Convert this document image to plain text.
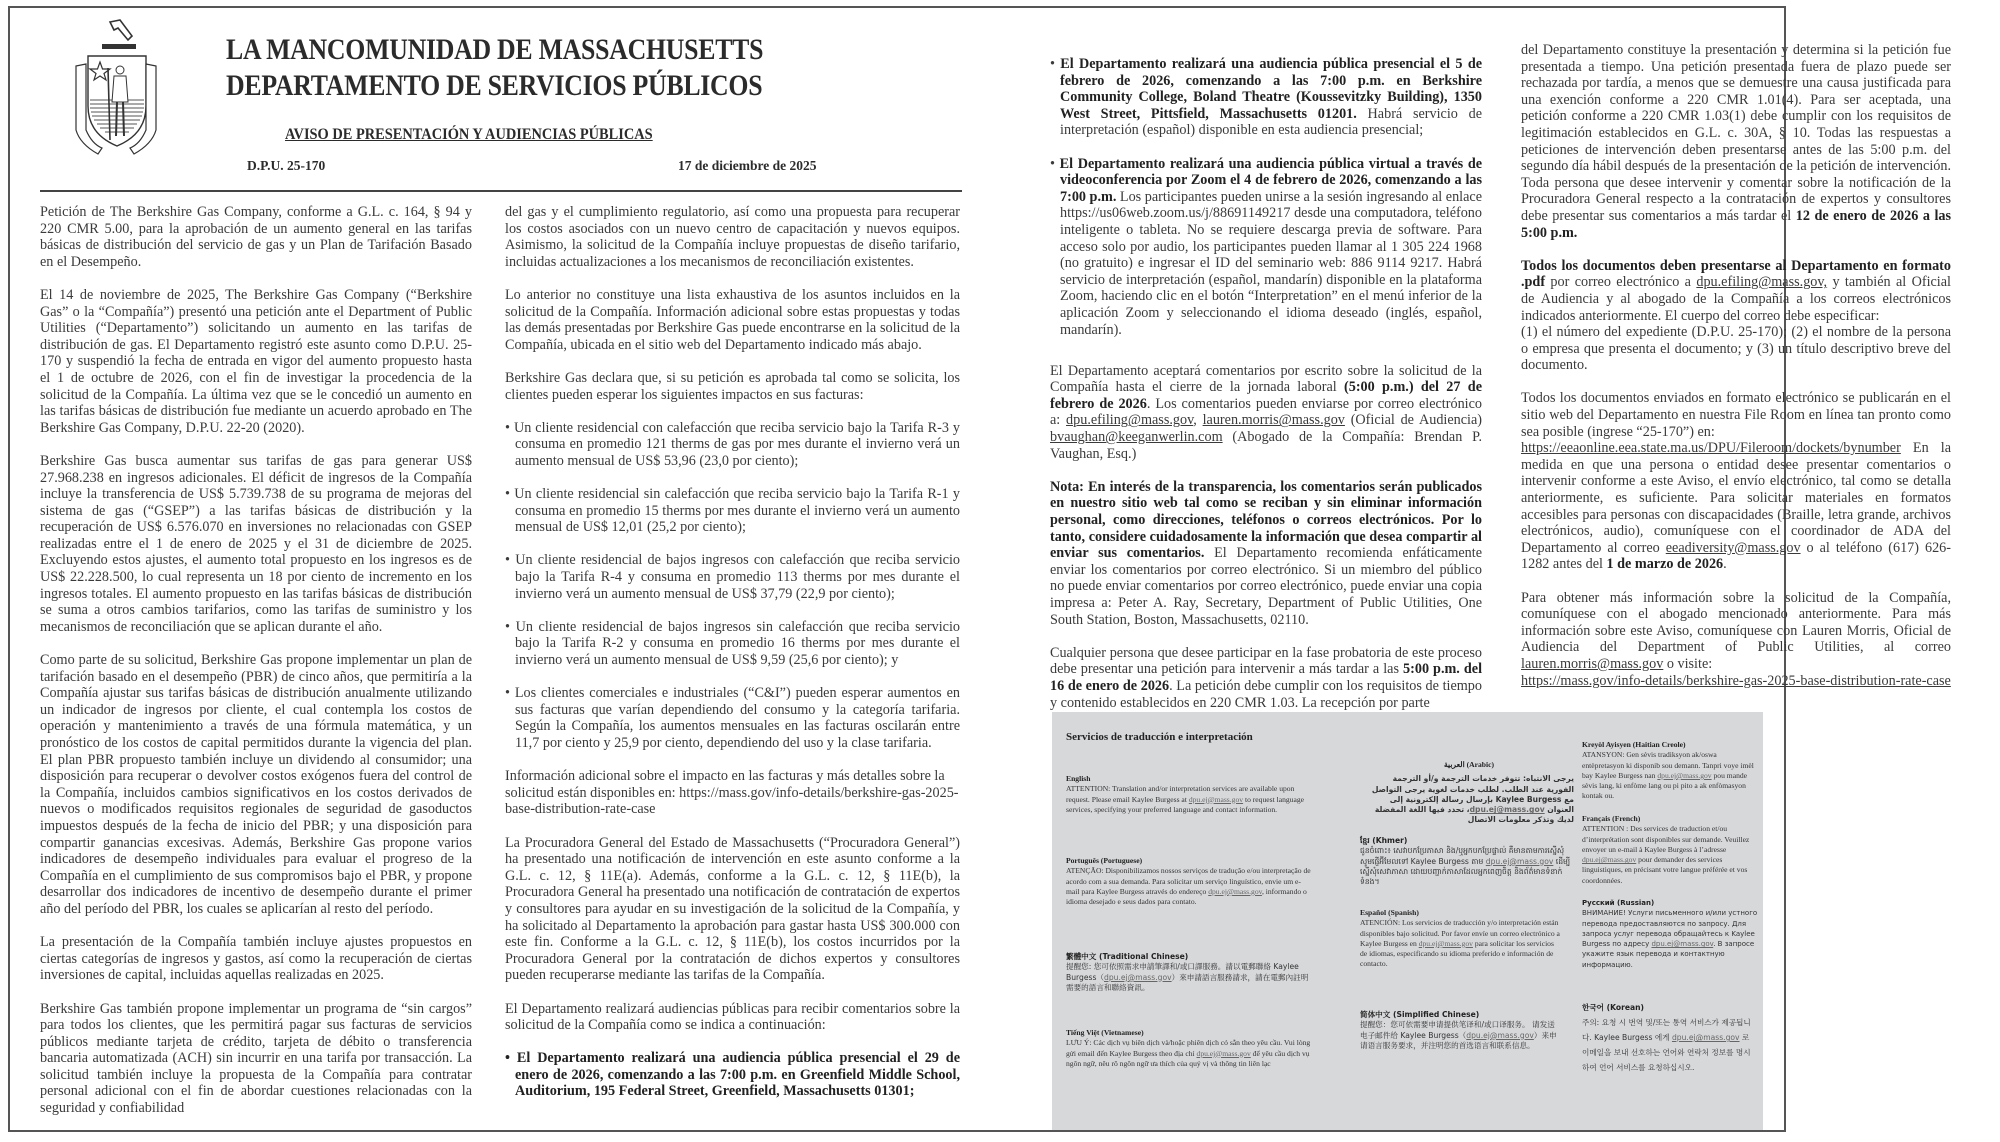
LA MANCOMUNIDAD DE MASSACHUSETTS
DEPARTAMENTO DE SERVICIOS PÚBLICOS
AVISO DE PRESENTACIÓN Y AUDIENCIAS PÚBLICAS
D.P.U. 25-170	17 de diciembre de 2025

Petición de The Berkshire Gas Company, conforme a G.L. c. 164, § 94 y 220 CMR 5.00, para la aprobación de un aumento general en las tarifas básicas de distribución del servicio de gas y un Plan de Tarifación Basado en el Desempeño.

El 14 de noviembre de 2025, The Berkshire Gas Company (“Berkshire Gas” o la “Compañía”) presentó una petición ante el Department of Public Utilities (“Departamento”) solicitando un aumento en las tarifas de distribución de gas. El Departamento registró este asunto como D.P.U. 25-170 y suspendió la fecha de entrada en vigor del aumento propuesto hasta el 1 de octubre de 2026, con el fin de investigar la procedencia de la solicitud de la Compañía. La última vez que se le concedió un aumento en las tarifas básicas de distribución fue mediante un acuerdo aprobado en The Berkshire Gas Company, D.P.U. 22-20 (2020).

Berkshire Gas busca aumentar sus tarifas de gas para generar US$ 27.968.238 en ingresos adicionales. El déficit de ingresos de la Compañía incluye la transferencia de US$ 5.739.738 de su programa de mejoras del sistema de gas (“GSEP”) a las tarifas básicas de distribución y la recuperación de US$ 6.576.070 en inversiones no relacionadas con GSEP realizadas entre el 1 de enero de 2025 y el 31 de diciembre de 2025. Excluyendo estos ajustes, el aumento total propuesto en los ingresos es de US$ 22.228.500, lo cual representa un 18 por ciento de incremento en los ingresos totales. El aumento propuesto en las tarifas básicas de distribución se suma a otros cambios tarifarios, como las tarifas de suministro y los mecanismos de reconciliación que se aplican durante el año.

Como parte de su solicitud, Berkshire Gas propone implementar un plan de tarifación basado en el desempeño (PBR) de cinco años, que permitiría a la Compañía ajustar sus tarifas básicas de distribución anualmente utilizando un indicador de ingresos por cliente, el cual contempla los costos de operación y mantenimiento a través de una fórmula matemática, y un pronóstico de los costos de capital permitidos durante la vigencia del plan. El plan PBR propuesto también incluye un dividendo al consumidor; una disposición para recuperar o devolver costos exógenos fuera del control de la Compañía, incluidos cambios significativos en los costos derivados de nuevos o modificados requisitos regionales de seguridad de gasoductos impuestos después de la fecha de inicio del PBR; y una disposición para compartir ganancias excesivas. Además, Berkshire Gas propone varios indicadores de desempeño individuales para evaluar el progreso de la Compañía en el cumplimiento de sus compromisos bajo el PBR, y propone desarrollar dos indicadores de incentivo de desempeño durante el primer año del período del PBR, los cuales se aplicarían al resto del período.

La presentación de la Compañía también incluye ajustes propuestos en ciertas categorías de ingresos y gastos, así como la recuperación de ciertas inversiones de capital, incluidas aquellas realizadas en 2025.

Berkshire Gas también propone implementar un programa de “sin cargos” para todos los clientes, que les permitirá pagar sus facturas de servicios públicos mediante tarjeta de crédito, tarjeta de débito o transferencia bancaria automatizada (ACH) sin incurrir en una tarifa por transacción. La solicitud también incluye la propuesta de la Compañía para contratar personal adicional con el fin de abordar cuestiones relacionadas con la seguridad y confiabilidad

del gas y el cumplimiento regulatorio, así como una propuesta para recuperar los costos asociados con un nuevo centro de capacitación y nuevos equipos. Asimismo, la solicitud de la Compañía incluye propuestas de diseño tarifario, incluidas actualizaciones a los mecanismos de reconciliación existentes.

Lo anterior no constituye una lista exhaustiva de los asuntos incluidos en la solicitud de la Compañía. Información adicional sobre estas propuestas y todas las demás presentadas por Berkshire Gas puede encontrarse en la solicitud de la Compañía, ubicada en el sitio web del Departamento indicado más abajo.

Berkshire Gas declara que, si su petición es aprobada tal como se solicita, los clientes pueden esperar los siguientes impactos en sus facturas:

• Un cliente residencial con calefacción que reciba servicio bajo la Tarifa R-3 y consuma en promedio 121 therms de gas por mes durante el invierno verá un aumento mensual de US$ 53,96 (23,0 por ciento);

• Un cliente residencial sin calefacción que reciba servicio bajo la Tarifa R-1 y consuma en promedio 15 therms por mes durante el invierno verá un aumento mensual de US$ 12,01 (25,2 por ciento);

• Un cliente residencial de bajos ingresos con calefacción que reciba servicio bajo la Tarifa R-4 y consuma en promedio 113 therms por mes durante el invierno verá un aumento mensual de US$ 37,79 (22,9 por ciento);

• Un cliente residencial de bajos ingresos sin calefacción que reciba servicio bajo la Tarifa R-2 y consuma en promedio 16 therms por mes durante el invierno verá un aumento mensual de US$ 9,59 (25,6 por ciento); y

• Los clientes comerciales e industriales (“C&I”) pueden esperar aumentos en sus facturas que varían dependiendo del consumo y la categoría tarifaria. Según la Compañía, los aumentos mensuales en las facturas oscilarán entre 11,7 por ciento y 25,9 por ciento, dependiendo del uso y la clase tarifaria.

Información adicional sobre el impacto en las facturas y más detalles sobre la solicitud están disponibles en: https://mass.gov/info-details/berkshire-gas-2025-base-distribution-rate-case

La Procuradora General del Estado de Massachusetts (“Procuradora General”) ha presentado una notificación de intervención en este asunto conforme a la G.L. c. 12, § 11E(a). Además, conforme a la G.L. c. 12, § 11E(b), la Procuradora General ha presentado una notificación de contratación de expertos y consultores para ayudar en su investigación de la solicitud de la Compañía, y ha solicitado al Departamento la aprobación para gastar hasta US$ 300.000 con este fin. Conforme a la G.L. c. 12, § 11E(b), los costos incurridos por la Procuradora General por la contratación de dichos expertos y consultores pueden recuperarse mediante las tarifas de la Compañía.

El Departamento realizará audiencias públicas para recibir comentarios sobre la solicitud de la Compañía como se indica a continuación:

• El Departamento realizará una audiencia pública presencial el 29 de enero de 2026, comenzando a las 7:00 p.m. en Greenfield Middle School, Auditorium, 195 Federal Street, Greenfield, Massachusetts 01301;

• El Departamento realizará una audiencia pública presencial el 5 de febrero de 2026, comenzando a las 7:00 p.m. en Berkshire Community College, Boland Theatre (Koussevitzky Building), 1350 West Street, Pittsfield, Massachusetts 01201. Habrá servicio de interpretación (español) disponible en esta audiencia presencial;

• El Departamento realizará una audiencia pública virtual a través de videoconferencia por Zoom el 4 de febrero de 2026, comenzando a las 7:00 p.m. Los participantes pueden unirse a la sesión ingresando al enlace https://us06web.zoom.us/j/88691149217 desde una computadora, teléfono inteligente o tableta. No se requiere descarga previa de software. Para acceso solo por audio, los participantes pueden llamar al 1 305 224 1968 (no gratuito) e ingresar el ID del seminario web: 886 9114 9217. Habrá servicio de interpretación (español, mandarín) disponible en la plataforma Zoom, haciendo clic en el botón “Interpretation” en el menú inferior de la aplicación Zoom y seleccionando el idioma deseado (inglés, español, mandarín).

El Departamento aceptará comentarios por escrito sobre la solicitud de la Compañía hasta el cierre de la jornada laboral (5:00 p.m.) del 27 de febrero de 2026. Los comentarios pueden enviarse por correo electrónico a: dpu.efiling@mass.gov, lauren.morris@mass.gov (Oficial de Audiencia) bvaughan@keeganwerlin.com (Abogado de la Compañía: Brendan P. Vaughan, Esq.)

Nota: En interés de la transparencia, los comentarios serán publicados en nuestro sitio web tal como se reciban y sin eliminar información personal, como direcciones, teléfonos o correos electrónicos. Por lo tanto, considere cuidadosamente la información que desea compartir al enviar sus comentarios. El Departamento recomienda enfáticamente enviar los comentarios por correo electrónico. Si un miembro del público no puede enviar comentarios por correo electrónico, puede enviar una copia impresa a: Peter A. Ray, Secretary, Department of Public Utilities, One South Station, Boston, Massachusetts, 02110.

Cualquier persona que desee participar en la fase probatoria de este proceso debe presentar una petición para intervenir a más tardar a las 5:00 p.m. del 16 de enero de 2026. La petición debe cumplir con los requisitos de tiempo y contenido establecidos en 220 CMR 1.03. La recepción por parte

del Departamento constituye la presentación y determina si la petición fue presentada a tiempo. Una petición presentada fuera de plazo puede ser rechazada por tardía, a menos que se demuestre una causa justificada para una exención conforme a 220 CMR 1.01(4). Para ser aceptada, una petición conforme a 220 CMR 1.03(1) debe cumplir con los requisitos de legitimación establecidos en G.L. c. 30A, § 10. Todas las respuestas a peticiones de intervención deben presentarse antes de las 5:00 p.m. del segundo día hábil después de la presentación de la petición de intervención. Toda persona que desee intervenir y comentar sobre la notificación de la Procuradora General respecto a la contratación de expertos y consultores debe presentar sus comentarios a más tardar el 12 de enero de 2026 a las 5:00 p.m.

Todos los documentos deben presentarse al Departamento en formato .pdf por correo electrónico a dpu.efiling@mass.gov, y también al Oficial de Audiencia y al abogado de la Compañía a los correos electrónicos indicados anteriormente. El cuerpo del correo debe especificar:

(1) el número del expediente (D.P.U. 25-170); (2) el nombre de la persona o empresa que presenta el documento; y (3) un título descriptivo breve del documento.

Todos los documentos enviados en formato electrónico se publicarán en el sitio web del Departamento en nuestra File Room en línea tan pronto como sea posible (ingrese “25-170”) en:
https://eeaonline.eea.state.ma.us/DPU/Fileroom/dockets/bynumber En la medida en que una persona o entidad desee presentar comentarios o intervenir conforme a este Aviso, el envío electrónico, tal como se detalla anteriormente, es suficiente. Para solicitar materiales en formatos accesibles para personas con discapacidades (Braille, letra grande, archivos electrónicos, audio), comuníquese con el coordinador de ADA del Departamento al correo eeadiversity@mass.gov o al teléfono (617) 626-1282 antes del 1 de marzo de 2026.

Para obtener más información sobre la solicitud de la Compañía, comuníquese con el abogado mencionado anteriormente. Para más información sobre este Aviso, comuníquese con Lauren Morris, Oficial de Audiencia del Department of Public Utilities, al correo lauren.morris@mass.gov o visite:
https://mass.gov/info-details/berkshire-gas-2025-base-distribution-rate-case

Servicios de traducción e interpretación
English
ATTENTION: Translation and/or interpretation services are available upon request. Please email Kaylee Burgess at dpu.ej@mass.gov to request language services, specifying your preferred language and contact information.
Português (Portuguese)
ATENÇÃO: Disponibilizamos nossos serviços de tradução e/ou interpretação de acordo com a sua demanda. Para solicitar um serviço linguístico, envie um e-mail para Kaylee Burgess através do endereço dpu.ej@mass.gov, informando o idioma desejado e seus dados para contato.
繁體中文 (Traditional Chinese)
提醒您: 您可依照需求申請筆譯和/或口譯服務。請以電郵聯絡 Kaylee Burgess（dpu.ej@mass.gov）來申請語言服務請求，請在電郵內註明需要的語言和聯絡資訊。
Tiếng Việt (Vietnamese)
LƯU Ý: Các dịch vụ biên dịch và/hoặc phiên dịch có sẵn theo yêu cầu. Vui lòng gửi email đến Kaylee Burgess theo địa chỉ dpu.ej@mass.gov để yêu cầu dịch vụ ngôn ngữ, nêu rõ ngôn ngữ ưa thích của quý vị và thông tin liên lạc
العربية (Arabic)
يرجى الانتباه: تتوفر خدمات الترجمة و/أو الترجمة الفورية عند الطلب. لطلب خدمات لغوية يرجى التواصل مع Kaylee Burgess بإرسال رسالة إلكترونية إلى العنوان dpu.ej@mass.gov، تحدد فيها اللغة المفضلة لديك وتذكر معلومات الاتصال
ខ្មែរ (Khmer)
ជូនចំពោះ៖ សេវាបកប្រែភាសា និង/ឬអ្នកបកប្រែផ្ទាល់ គឺមានតាមការស្នើសុំ សូមផ្ញើអ៊ីមែលទៅ Kaylee Burgess តាម dpu.ej@mass.gov ដើម្បីស្នើសុំសេវាភាសា ដោយបញ្ជាក់ភាសាដែលអ្នកពេញចិត្ត និងព័ត៌មានទំនាក់ទំនង។
Español (Spanish)
ATENCIÓN: Los servicios de traducción y/o interpretación están disponibles bajo solicitud. Por favor envíe un correo electrónico a Kaylee Burgess en dpu.ej@mass.gov para solicitar los servicios de idiomas, especificando su idioma preferido e información de contacto.
简体中文 (Simplified Chinese)
提醒您：您可依需要申请提供笔译和/或口译服务。 请发送电子邮件给 Kaylee Burgess（dpu.ej@mass.gov）来申请语言服务要求，并注明您的首选语言和联系信息。
Kreyòl Ayisyen (Haitian Creole)
ATANSYON: Gen sèvis tradiksyon ak/oswa entèpretasyon ki disponib sou demann. Tanpri voye imèl bay Kaylee Burgess nan dpu.ej@mass.gov pou mande sèvis lang, ki enfòme lang ou pi pito a ak enfòmasyon kontak ou.
Français (French)
ATTENTION : Des services de traduction et/ou d’interprétation sont disponibles sur demande. Veuillez envoyer un e-mail à Kaylee Burgess à l’adresse dpu.ej@mass.gov pour demander des services linguistiques, en précisant votre langue préférée et vos coordonnées.
Русский (Russian)
ВНИМАНИЕ! Услуги письменного и/или устного перевода предоставляются по запросу. Для запроса услуг перевода обращайтесь к Kaylee Burgess по адресу dpu.ej@mass.gov. В запросе укажите язык перевода и контактную информацию.
한국어 (Korean)
주의: 요청 시 번역 및/또는 통역 서비스가 제공됩니다. Kaylee Burgess 에게 dpu.ej@mass.gov 로 이메일을 보내 선호하는 언어와 연락처 정보를 명시하여 언어 서비스를 요청하십시오.
